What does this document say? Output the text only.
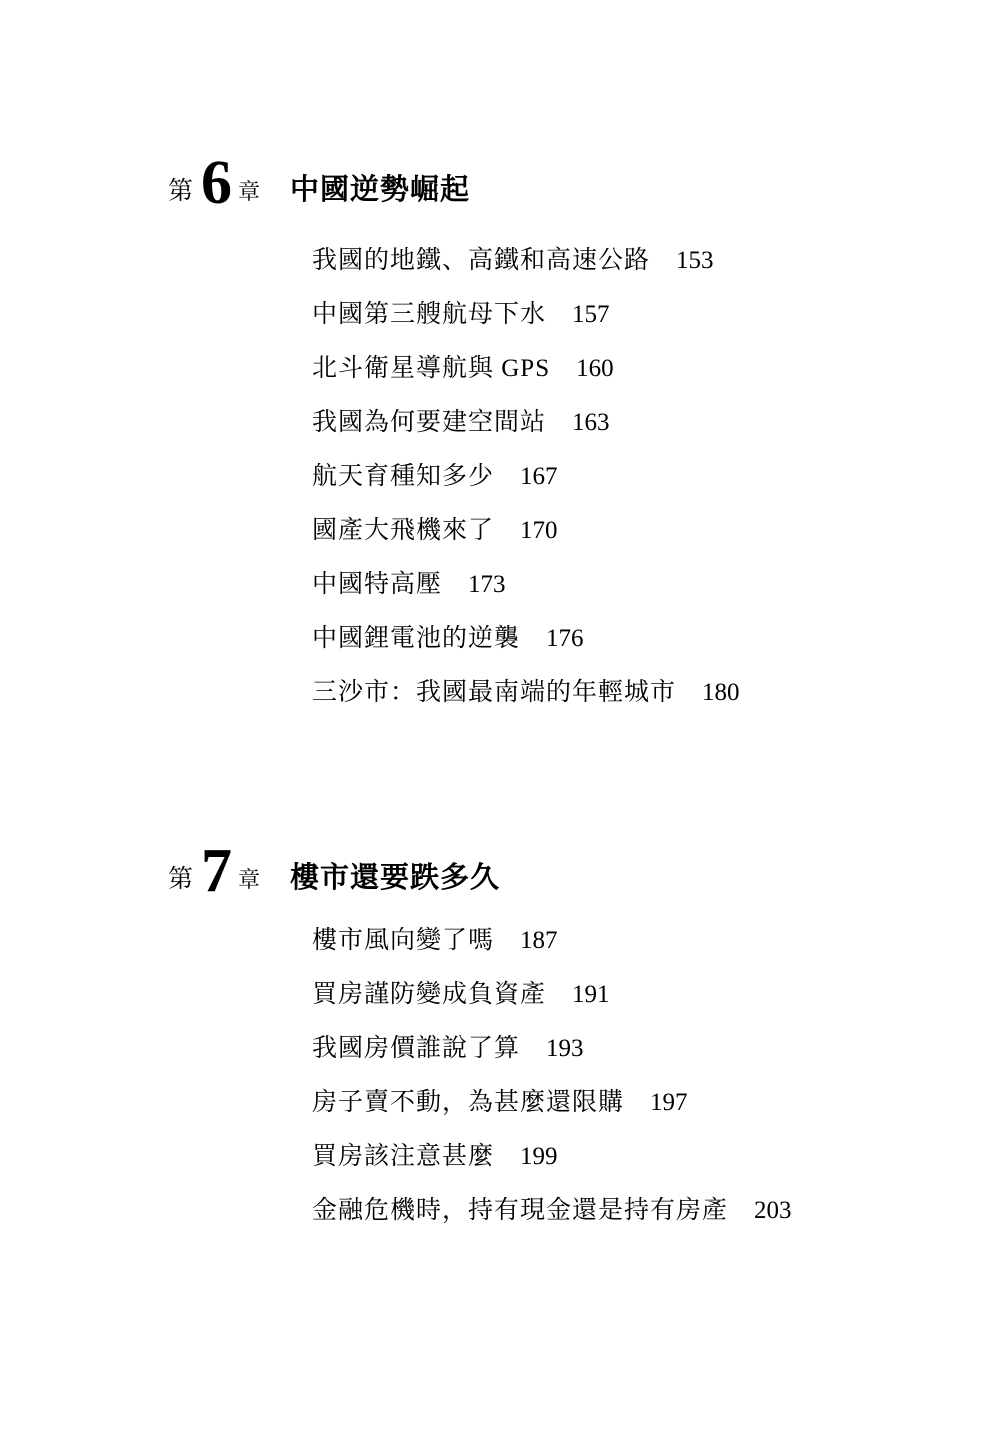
第 6 章 中國逆勢崛起
我國的地鐵、高鐵和高速公路 153
中國第三艘航母下水 157
北斗衛星導航與 GPS 160
我國為何要建空間站 163
航天育種知多少 167
國產大飛機來了 170
中國特高壓 173
中國鋰電池的逆襲 176
三沙市：我國最南端的年輕城市 180
第 7 章 樓市還要跌多久
樓市風向變了嗎 187
買房謹防變成負資產 191
我國房價誰說了算 193
房子賣不動，為甚麼還限購 197
買房該注意甚麼 199
金融危機時，持有現金還是持有房產 203
